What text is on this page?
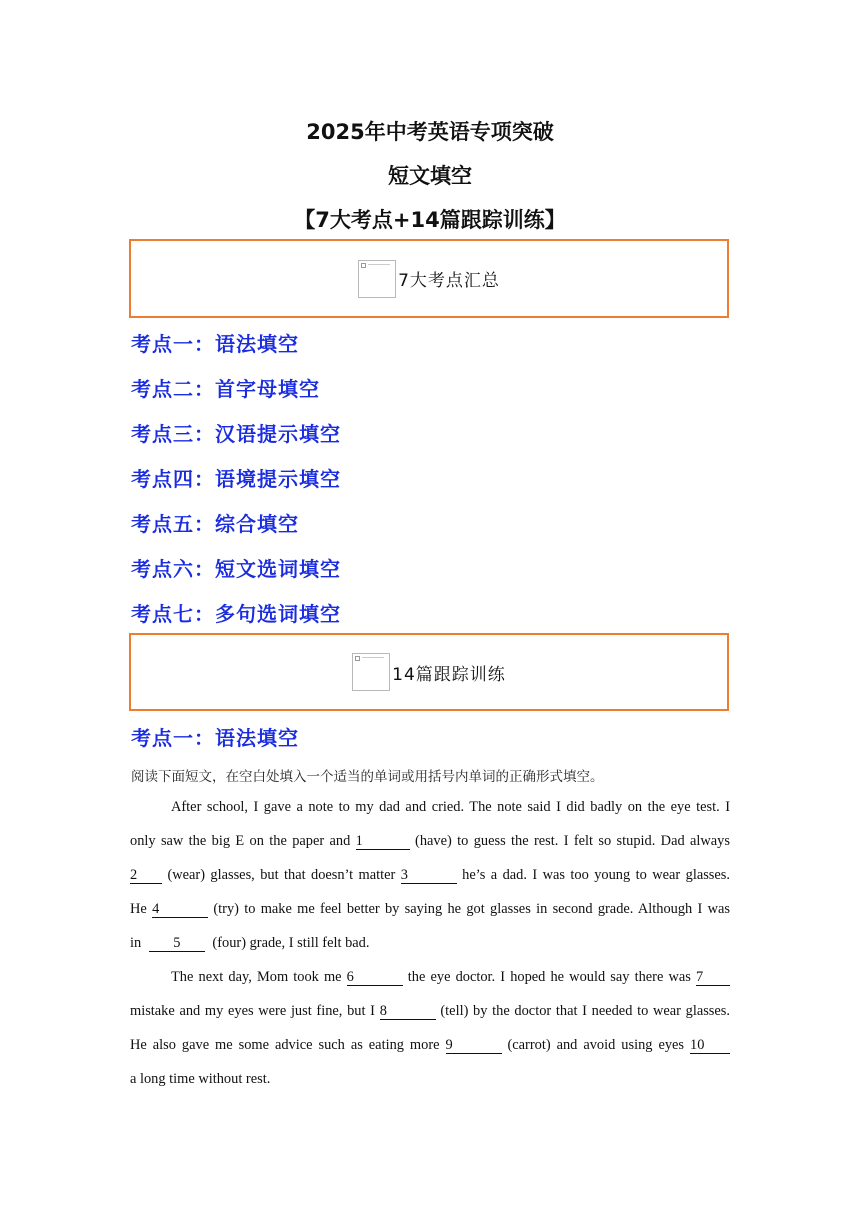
2025年中考英语专项突破
短文填空
【7大考点+14篇跟踪训练】
7大考点汇总
考点一：语法填空
考点二：首字母填空
考点三：汉语提示填空
考点四：语境提示填空
考点五：综合填空
考点六：短文选词填空
考点七：多句选词填空
14篇跟踪训练
考点一：语法填空
阅读下面短文，在空白处填入一个适当的单词或用括号内单词的正确形式填空。
After school, I gave a note to my dad and cried. The note said I did badly on the eye test. I
only saw the big E on the paper and 1	(have) to guess the rest. I felt so stupid. Dad always
2 (wear) glasses, but that doesn’t matter 3	he’s a dad. I was too young to wear glasses.
He 4	(try) to make me feel better by saying he got glasses in second grade. Although I was
in 5 (four) grade, I still felt bad.
The next day, Mom took me 6	the eye doctor. I hoped he would say there was 7
mistake and my eyes were just fine, but I 8	(tell) by the doctor that I needed to wear glasses.
He also gave me some advice such as eating more 9	(carrot) and avoid using eyes 10
a long time without rest.
